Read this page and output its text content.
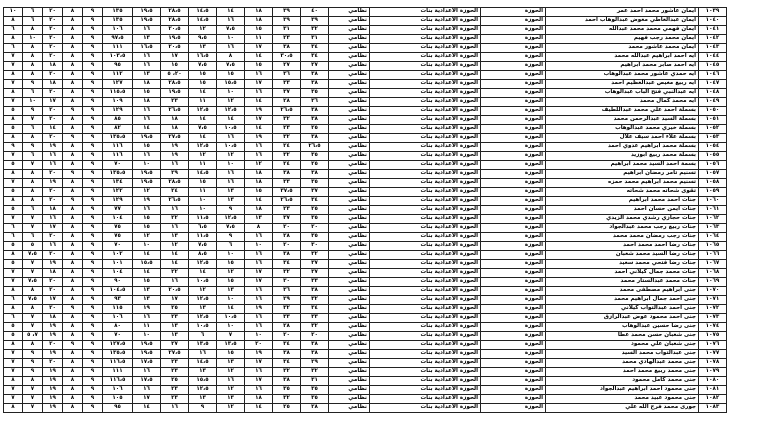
١٠	٦	٢٠	٨	٩	١٣٥	١٩،٥	٢٨،٥	١٤،٥	١٤	١٨	٣٩	٤٠	نظامي	الحوزة الاعدادية بنات	الحوزة	ايمان عاشور محمد احمد عمر	١٠٣٩
٨	٦	٢٠	٨	٩	١٣٥	١٩،٥	٢٨،٥	١٤،٥	١٦	١٨	٣٩	٣٩	نظامي	الحوزة الاعدادية بنات	الحوزة	ايمان عبدالعاطي معوض عبدالوهاب احمد	١٠٤٠
٦	٨	٢٠	٨	٩	١٠٦	١٦	٢٠،٥	١٢	٧،٥	١٥	٣١	٣٢	نظامي	الحوزة الاعدادية بنات	الحوزة	ايمان فهمي محمد محمد عبدالله	١٠٤١
٨	١٠	٢٠	٨	٩	٩٧،٥	١٣	١٩،٥	٩،٥	١٠	١١	٢٣	٣١	نظامي	الحوزة الاعدادية بنات	الحوزة	ايمان محمد رجب فهيم	١٠٤٢
٦	٨	٢٠	٨	٩	١١١	١٦،٥	٢٠،٥	١٣	١٦	١٧	٣٨	٣٤	نظامي	الحوزة الاعدادية بنات	الحوزة	ايمان محمد عاشور محمد	١٠٤٣
٧	٨	٢٠	٨	٩	١٠٣،٥	١٦	١٧	١٦،٥	٨	١٤	٣٠،٥	٣٤	نظامي	الحوزة الاعدادية بنات	الحوزة	ايه احمد ابراهيم عبدالله محمد	١٠٤٤
٧	٨	١٨	٨	٩	٩٥	١٦	١٥	٧،٥	٧،٥	١٥	٢٧	٢٧	نظامي	الحوزة الاعدادية بنات	الحوزة	ايه احمد صابر محمد ابراهيم	١٠٤٥
٨	٨	٢٠	٨	٩	١١٢	١٣	٢٠، ٥	١٥	١٥	١٦	٣٦	٣٨	نظامي	الحوزة الاعدادية بنات	الحوزة	ايه حمدي عاشور محمد عبدالوهاب	١٠٤٦
٧	٩	١٨	٨	٩	١٢٧	١٨	٢٨،٥	١٥	١٥،٥	١٧	٣٣	٣٨	نظامي	الحوزة الاعدادية بنات	الحوزة	ايه ربيع مغيص عبدالعظيم احمد	١٠٤٧
٨	٦	٢٠	٨	٩	١١٥،٥	١٥	١٩،٥	١٤	١٠	١٦	٣٧	٣٥	نظامي	الحوزة الاعدادية بنات	الحوزة	ايه عبدالنبي فتح الباب عبدالوهاب	١٠٤٨
٧	١٠	١٧	٨	٩	١٠٩	١٨	٢٣	١١	١٢	١٤	٢٨	٣٦	نظامي	الحوزة الاعدادية بنات	الحوزة	ايه محمد كمال محمد	١٠٤٩
٥	٩	٢٠	٩	٩	١٢٩	١٦	٢٦،٥	١٢،٥	١٢،٥	١٩	٢٦،٥	٣٨	نظامي	الحوزة الاعدادية بنات	الحوزة	بسملة احمد علي محمد عبداللطيف	١٠٥٠
٨	٧	٢٠	٨	٩	٨٥	١٦	١٨	١٤	١٤	١٧	٣٢	٣٨	نظامي	الحوزة الاعدادية بنات	الحوزة	بسملة السيد عبدالرحمن محمد	١٠٥١
٥	٦	١٤	٨	٩	٨٢	١٤	١٨	٧،٥	١٠،٥	١٤	٢٣	٢٥	نظامي	الحوزة الاعدادية بنات	الحوزة	بسملة خيري محمد عبدالوهاب	١٠٥٢
٨	٨	٢٠	٩	٩	١٣٥،٥	١٩،٥	٢٧،٥	١٤	١٦	١٩	٣٢	٣٨	نظامي	الحوزة الاعدادية بنات	الحوزة	بسملة علاء احمد سيف علال	١٠٥٣
٩	٩	١٩	٨	٩	١١٦	١٥	١٩	١٢،٥	١٠،٥	١٦	٢٤	٢٦،٥	نظامي	الحوزة الاعدادية بنات	الحوزة	بسملة محمد ابراهيم عدوي احمد	١٠٥٤
٧	٦	١٦	٨	٩	١١٦	١٦	١٩	١٢	١٢	١٦	٣٢	٣٥	نظامي	الحوزة الاعدادية بنات	الحوزة	بسملة محمد ربيع ابوزيد	١٠٥٥
٥	٧	١٦	٨	٩	٧٠	١٠	١٦	١١	١٠	١٢	٢٤	٢٥	نظامي	الحوزة الاعدادية بنات	الحوزة	بسمة احمد السيد محمد ابراهيم	١٠٥٦
٨	٨	٢٠	٩	٩	١٣٥،٥	١٩،٥	٢٩	١٤،٥	١٦	١٨	٣٨	٣٨	نظامي	الحوزة الاعدادية بنات	الحوزة	تسنيم تامر رمضان ابراهيم	١٠٥٧
٧	٨	١٩	٨	٩	١٣٤	١٩،٥	٢٨،٥	١٥	١٦	١٨	٣٣	٣٥	نظامي	الحوزة الاعدادية بنات	الحوزة	تسنيم محمد ابراهيم محمد حمزه	١٠٥٨
٥	٨	٢٠	٨	٩	١٢٢	١٢	٢٤	١١	١٣	١٥	٣٧،٥	٣٧	نظامي	الحوزة الاعدادية بنات	الحوزة	تقوى شحاته محمد شحاته	١٠٥٩
٨	٨	٢٠	٩	٩	١٢٩	١٩	٢٦،٥	١٠	١٣	١٤	٢٦،٥	٣٤	نظامي	الحوزة الاعدادية بنات	الحوزة	جنات احمد محمد ابراهيم	١٠٦٠
٥	٦	١٨	٨	٩	٧٧	١٦	١٦	١٠	٩	١٨	٢٣	٢٥	نظامي	الحوزة الاعدادية بنات	الحوزة	جنات ايمن حسان احمد	١٠٦١
٧	٧	١٦	٨	٩	١٠٤	١٥	٢٢	١١،٥	١٢،٥	١٣	٣٧	٣٥	نظامي	الحوزة الاعدادية بنات	الحوزة	جنات حجازي رشدي محمد الزيدي	١٠٦٢
٦	٧	١٧	٨	٩	٧٥	١٥	١٦	٦،٥	٧،٥	٨	٢٠	٢٠	نظامي	الحوزة الاعدادية بنات	الحوزة	جنات ربيع رجب محمد عبدالجواد	١٠٦٣
٦	٦	٢٠	٨	٩	٧٥	١٢	١٣	١١،٥	٩	١٦	٢٨	٣٥	نظامي	الحوزة الاعدادية بنات	الحوزة	جنات رجب رمضان محمد محمد	١٠٦٤
٥	٥	١٦	٨	٩	٧٠	١٠	١٢	٧،٥	٦	١٠	٢٠	٣٠	نظامي	الحوزة الاعدادية بنات	الحوزة	جنات رضا احمد محمد احمد	١٠٦٥
٨	٧،٥	٢٠	٨	٩	١٠٢	١٤	١٤	٨،٥	١٠	١٦	٣٨	٣٢	نظامي	الحوزة الاعدادية بنات	الحوزة	جنات رضا السيد محمد شعبان	١٠٦٦
٥	٧	١٩	٨	٩	١٠١	١٥،٥	١٤	١٢،٥	١٥	١٦	٣٤	٣٧	نظامي	الحوزة الاعدادية بنات	الحوزة	جنات رضا فتحي محمد سعيد	١٠٦٧
٧	٧	١٨	٨	٩	١٠٤	١٤	٢٢	١٤	١٢	١٧	٣٢	٣٧	نظامي	الحوزة الاعدادية بنات	الحوزة	جنات محمد جمال كيلاني احمد	١٠٦٨
٧	٧،٥	٢٠	٨	٩	٩٠	١٥	١٦	١٠،٥	١٥	١٧	٣٠	٣٣	نظامي	الحوزة الاعدادية بنات	الحوزة	جنات محمد عبدالستار محمد	١٠٦٩
٨	٨	٢٠	٨	٩	١٠٤،٥	١٣	٢٠،٥	١٢	١٣	١٦	٣٦	٣٨	نظامي	الحوزة الاعدادية بنات	الحوزة	جنى ابراهيم مصطفى محمد	١٠٧٠
٦	٧،٥	١٧	٨	٩	٩٣	١٣	١٧	١٢،٥	١٠	١٦	٢٩	٣٢	نظامي	الحوزة الاعدادية بنات	الحوزة	جنى احمد جمال ابراهيم محمد	١٠٧١
٨	٨	٢٠	٩	٩	١١٥	١٩	٢٥	١٣	١٤	١٩	٣٢	٣٤	نظامي	الحوزة الاعدادية بنات	الحوزة	جنى احمد عبدالتواب كيلاني	١٠٧٢
٦	٧	١٨	٨	٩	١٠٦	١٦	٢٣	١٢،٥	١٠،٥	١٦	٣٣	٣٣	نظامي	الحوزة الاعدادية بنات	الحوزة	جنى احمد محمود عوض عبدالرازق	١٠٧٣
٥	٧	١٩	٨	٩	٨٠	١١	١٣	١٠،٥	١٠	١٦	٢٨	٣٢	نظامي	الحوزة الاعدادية بنات	الحوزة	جنى رضا حسين عبدالوهاب	١٠٧٤
٥	٧، ٥	١٩	٨	٩	٧٠	١٠	١٣	٦	٧	١٠	٢٠	٢٠	نظامي	الحوزة الاعدادية بنات	الحوزة	جنى شعبان حسن محمد عطا	١٠٧٥
٨	٨	٢٠	٩	٩	١٢٧،٥	١٩،٥	٢٧	١٣،٥	١٣،٥	٢٠	٣٤	٣٨	نظامي	الحوزة الاعدادية بنات	الحوزة	جنى شعبان علي محمود	١٠٧٦
٧	٩	١٩	٨	٩	١٣٥،٥	١٩،٥	٢٧،٥	١٦	١٥	١٩	٣٨	٣٨	نظامي	الحوزة الاعدادية بنات	الحوزة	جنى عبدالتواب محمد السيد	١٠٧٧
٧	٩	٢٠	٨	٩	١١٦،٥	١٧،٥	٢٣	١٤،٥	١٣	١٧	٣٤	٢٩	نظامي	الحوزة الاعدادية بنات	الحوزة	جنى محمد عبدالهادي محمد	١٠٧٨
٧	٩	١٩	٨	٩	١١١	١٦	٢٣	١٣	١٢	١٦	٣٢	٣٢	نظامي	الحوزة الاعدادية بنات	الحوزة	جنى محمد ربيع محمد احمد	١٠٧٩
٨	٨	١٩	٨	٩	١١٦،٥	١٧،٥	٢٥	١٥،٥	١٦	١٧	٣٨	٣١	نظامي	الحوزة الاعدادية بنات	الحوزة	جنى محمد كامل محمود	١٠٨٠
٧	٧	١٩	٨	٩	١٠٦	١٦	٢٣	١٢،٥	١٢	١٦	٣٥	٣٥	نظامي	الحوزة الاعدادية بنات	الحوزة	جنى محمود احمد ابراهيم عبدالجواد	١٠٨١
٧	٧	١٩	٨	٩	١٠٥	١٧	٢٣	١٣	١٣	١٨	٣٢	٣٥	نظامي	الحوزة الاعدادية بنات	الحوزة	جنى محمود عبيد محمد	١٠٨٢
٨	٧	١٩	٨	٩	٩٥	١٤	١٦	٩	١٢	١٤	٢٥	٢٨	نظامي	الحوزة الاعدادية بنات	الحوزة	جورى محمد فرج الله علي	١٠٨٣
